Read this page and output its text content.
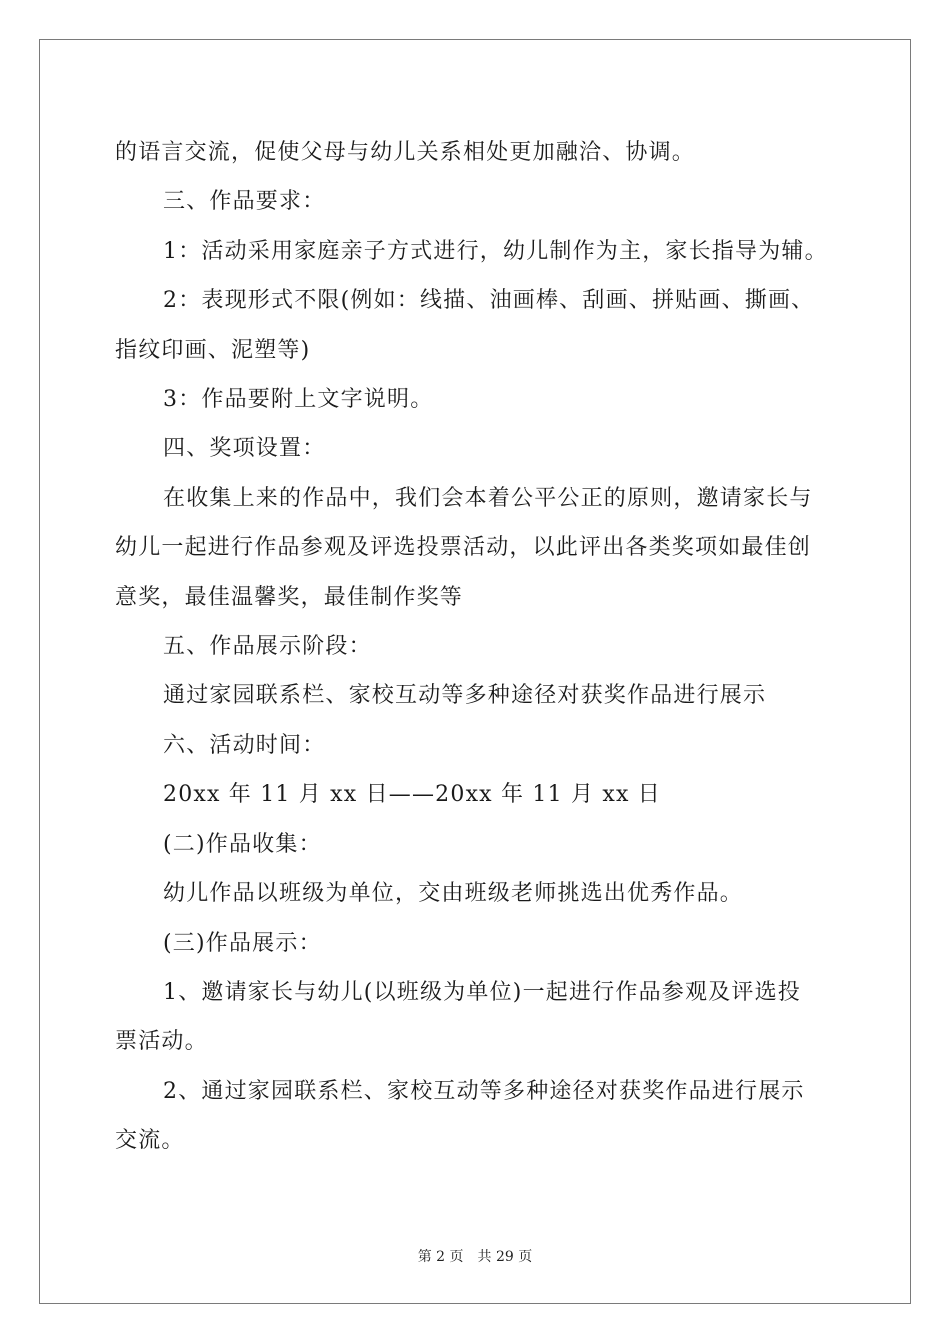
的语言交流，促使父母与幼儿关系相处更加融洽、协调。

三、作品要求：

1：活动采用家庭亲子方式进行，幼儿制作为主，家长指导为辅。

2：表现形式不限(例如：线描、油画棒、刮画、拼贴画、撕画、
指纹印画、泥塑等)

3：作品要附上文字说明。

四、奖项设置：

在收集上来的作品中，我们会本着公平公正的原则，邀请家长与
幼儿一起进行作品参观及评选投票活动，以此评出各类奖项如最佳创
意奖，最佳温馨奖，最佳制作奖等

五、作品展示阶段：

通过家园联系栏、家校互动等多种途径对获奖作品进行展示

六、活动时间：

20xx 年 11 月 xx 日——20xx 年 11 月 xx 日

(二)作品收集：

幼儿作品以班级为单位，交由班级老师挑选出优秀作品。

(三)作品展示：

1、邀请家长与幼儿(以班级为单位)一起进行作品参观及评选投
票活动。

2、通过家园联系栏、家校互动等多种途径对获奖作品进行展示
交流。

第 2 页 共 29 页
